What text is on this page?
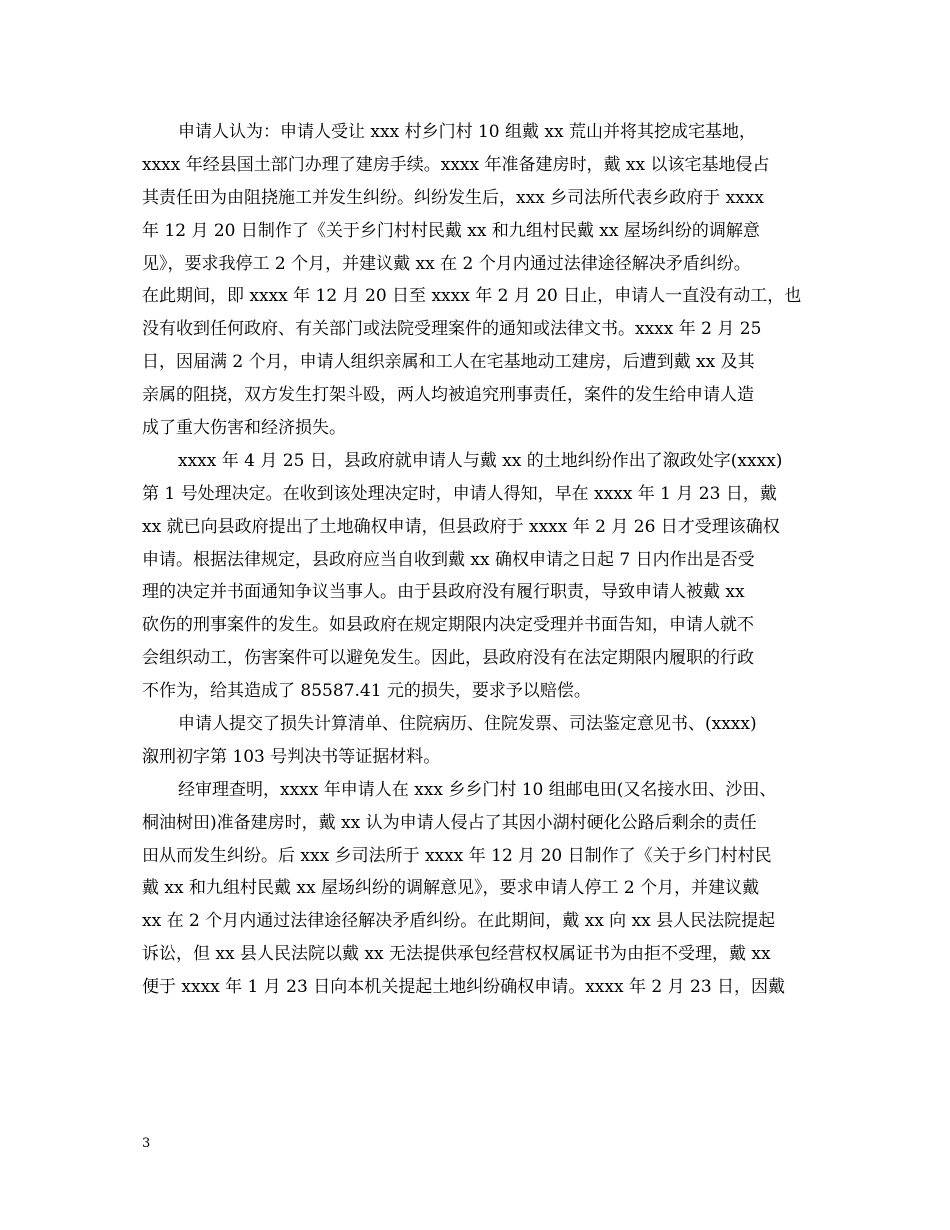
申请人认为：申请人受让 xxx 村乡门村 10 组戴 xx 荒山并将其挖成宅基地，
xxxx 年经县国土部门办理了建房手续。xxxx 年准备建房时，戴 xx 以该宅基地侵占
其责任田为由阻挠施工并发生纠纷。纠纷发生后，xxx 乡司法所代表乡政府于 xxxx
年 12 月 20 日制作了《关于乡门村村民戴 xx 和九组村民戴 xx 屋场纠纷的调解意
见》，要求我停工 2 个月，并建议戴 xx 在 2 个月内通过法律途径解决矛盾纠纷。
在此期间，即 xxxx 年 12 月 20 日至 xxxx 年 2 月 20 日止，申请人一直没有动工，也
没有收到任何政府、有关部门或法院受理案件的通知或法律文书。xxxx 年 2 月 25
日，因届满 2 个月，申请人组织亲属和工人在宅基地动工建房，后遭到戴 xx 及其
亲属的阻挠，双方发生打架斗殴，两人均被追究刑事责任，案件的发生给申请人造
成了重大伤害和经济损失。
xxxx 年 4 月 25 日，县政府就申请人与戴 xx 的土地纠纷作出了溆政处字(xxxx)
第 1 号处理决定。在收到该处理决定时，申请人得知，早在 xxxx 年 1 月 23 日，戴
xx 就已向县政府提出了土地确权申请，但县政府于 xxxx 年 2 月 26 日才受理该确权
申请。根据法律规定，县政府应当自收到戴 xx 确权申请之日起 7 日内作出是否受
理的决定并书面通知争议当事人。由于县政府没有履行职责，导致申请人被戴 xx
砍伤的刑事案件的发生。如县政府在规定期限内决定受理并书面告知，申请人就不
会组织动工，伤害案件可以避免发生。因此，县政府没有在法定期限内履职的行政
不作为，给其造成了 85587.41 元的损失，要求予以赔偿。
申请人提交了损失计算清单、住院病历、住院发票、司法鉴定意见书、(xxxx)
溆刑初字第 103 号判决书等证据材料。
经审理查明，xxxx 年申请人在 xxx 乡乡门村 10 组邮电田(又名接水田、沙田、
桐油树田)准备建房时，戴 xx 认为申请人侵占了其因小湖村硬化公路后剩余的责任
田从而发生纠纷。后 xxx 乡司法所于 xxxx 年 12 月 20 日制作了《关于乡门村村民
戴 xx 和九组村民戴 xx 屋场纠纷的调解意见》，要求申请人停工 2 个月，并建议戴
xx 在 2 个月内通过法律途径解决矛盾纠纷。在此期间，戴 xx 向 xx 县人民法院提起
诉讼，但 xx 县人民法院以戴 xx 无法提供承包经营权权属证书为由拒不受理，戴 xx
便于 xxxx 年 1 月 23 日向本机关提起土地纠纷确权申请。xxxx 年 2 月 23 日，因戴
3
